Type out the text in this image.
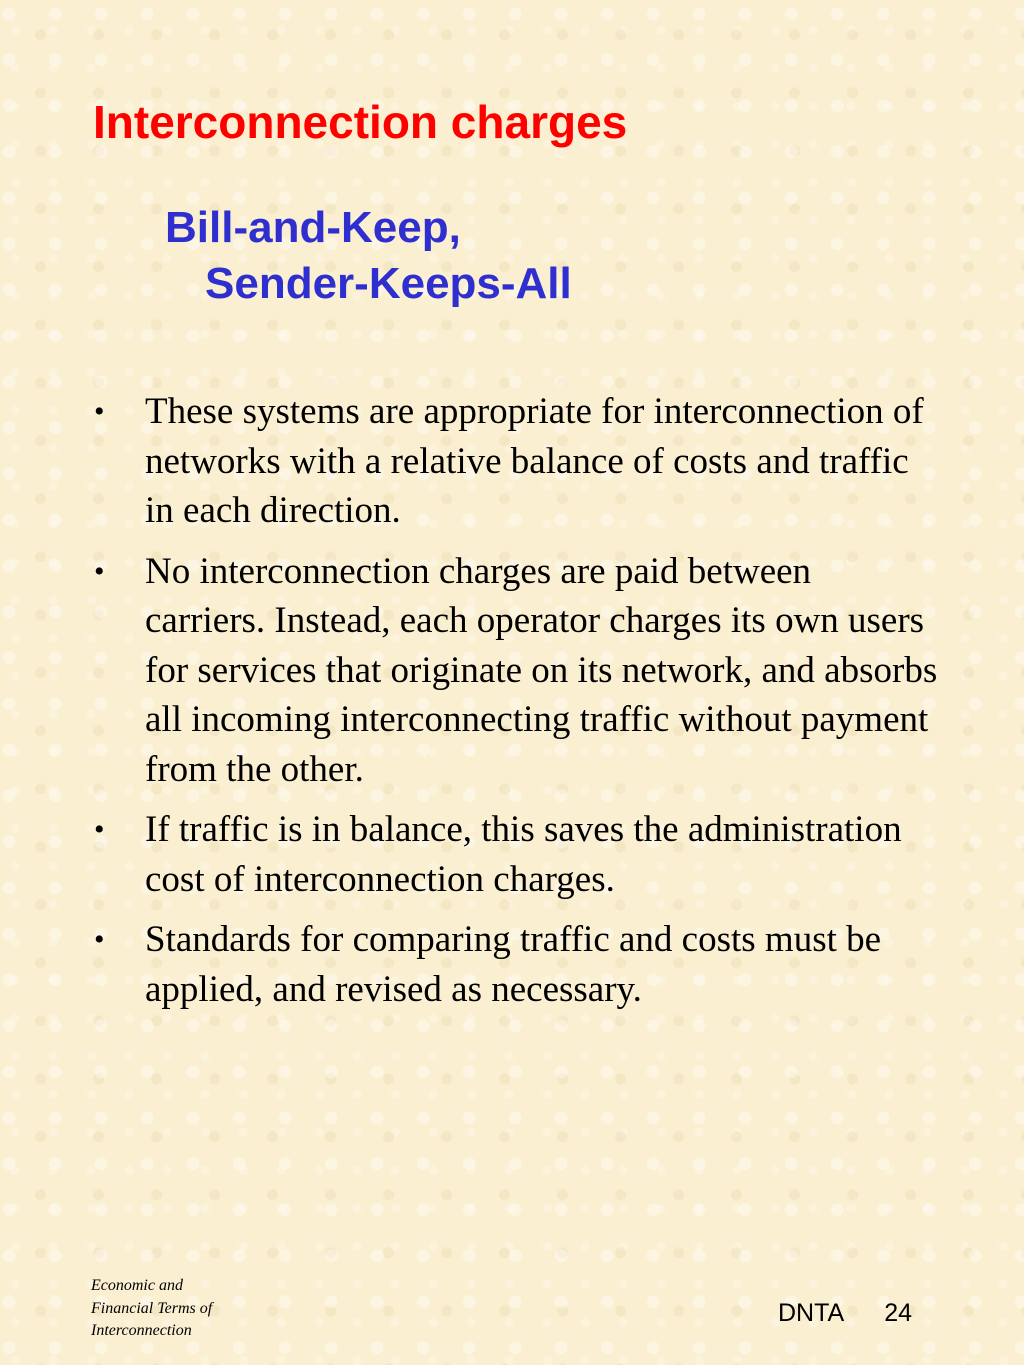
Interconnection charges
Bill-and-Keep,
Sender-Keeps-All
• These systems are appropriate for interconnection of networks with a relative balance of costs and traffic in each direction.
• No interconnection charges are paid between carriers. Instead, each operator charges its own users for services that originate on its network, and absorbs all incoming interconnecting traffic without payment from the other.
• If traffic is in balance, this saves the administration cost of interconnection charges.
• Standards for comparing traffic and costs must be applied, and revised as necessary.
Economic and
Financial Terms of
Interconnection
DNTA 24
